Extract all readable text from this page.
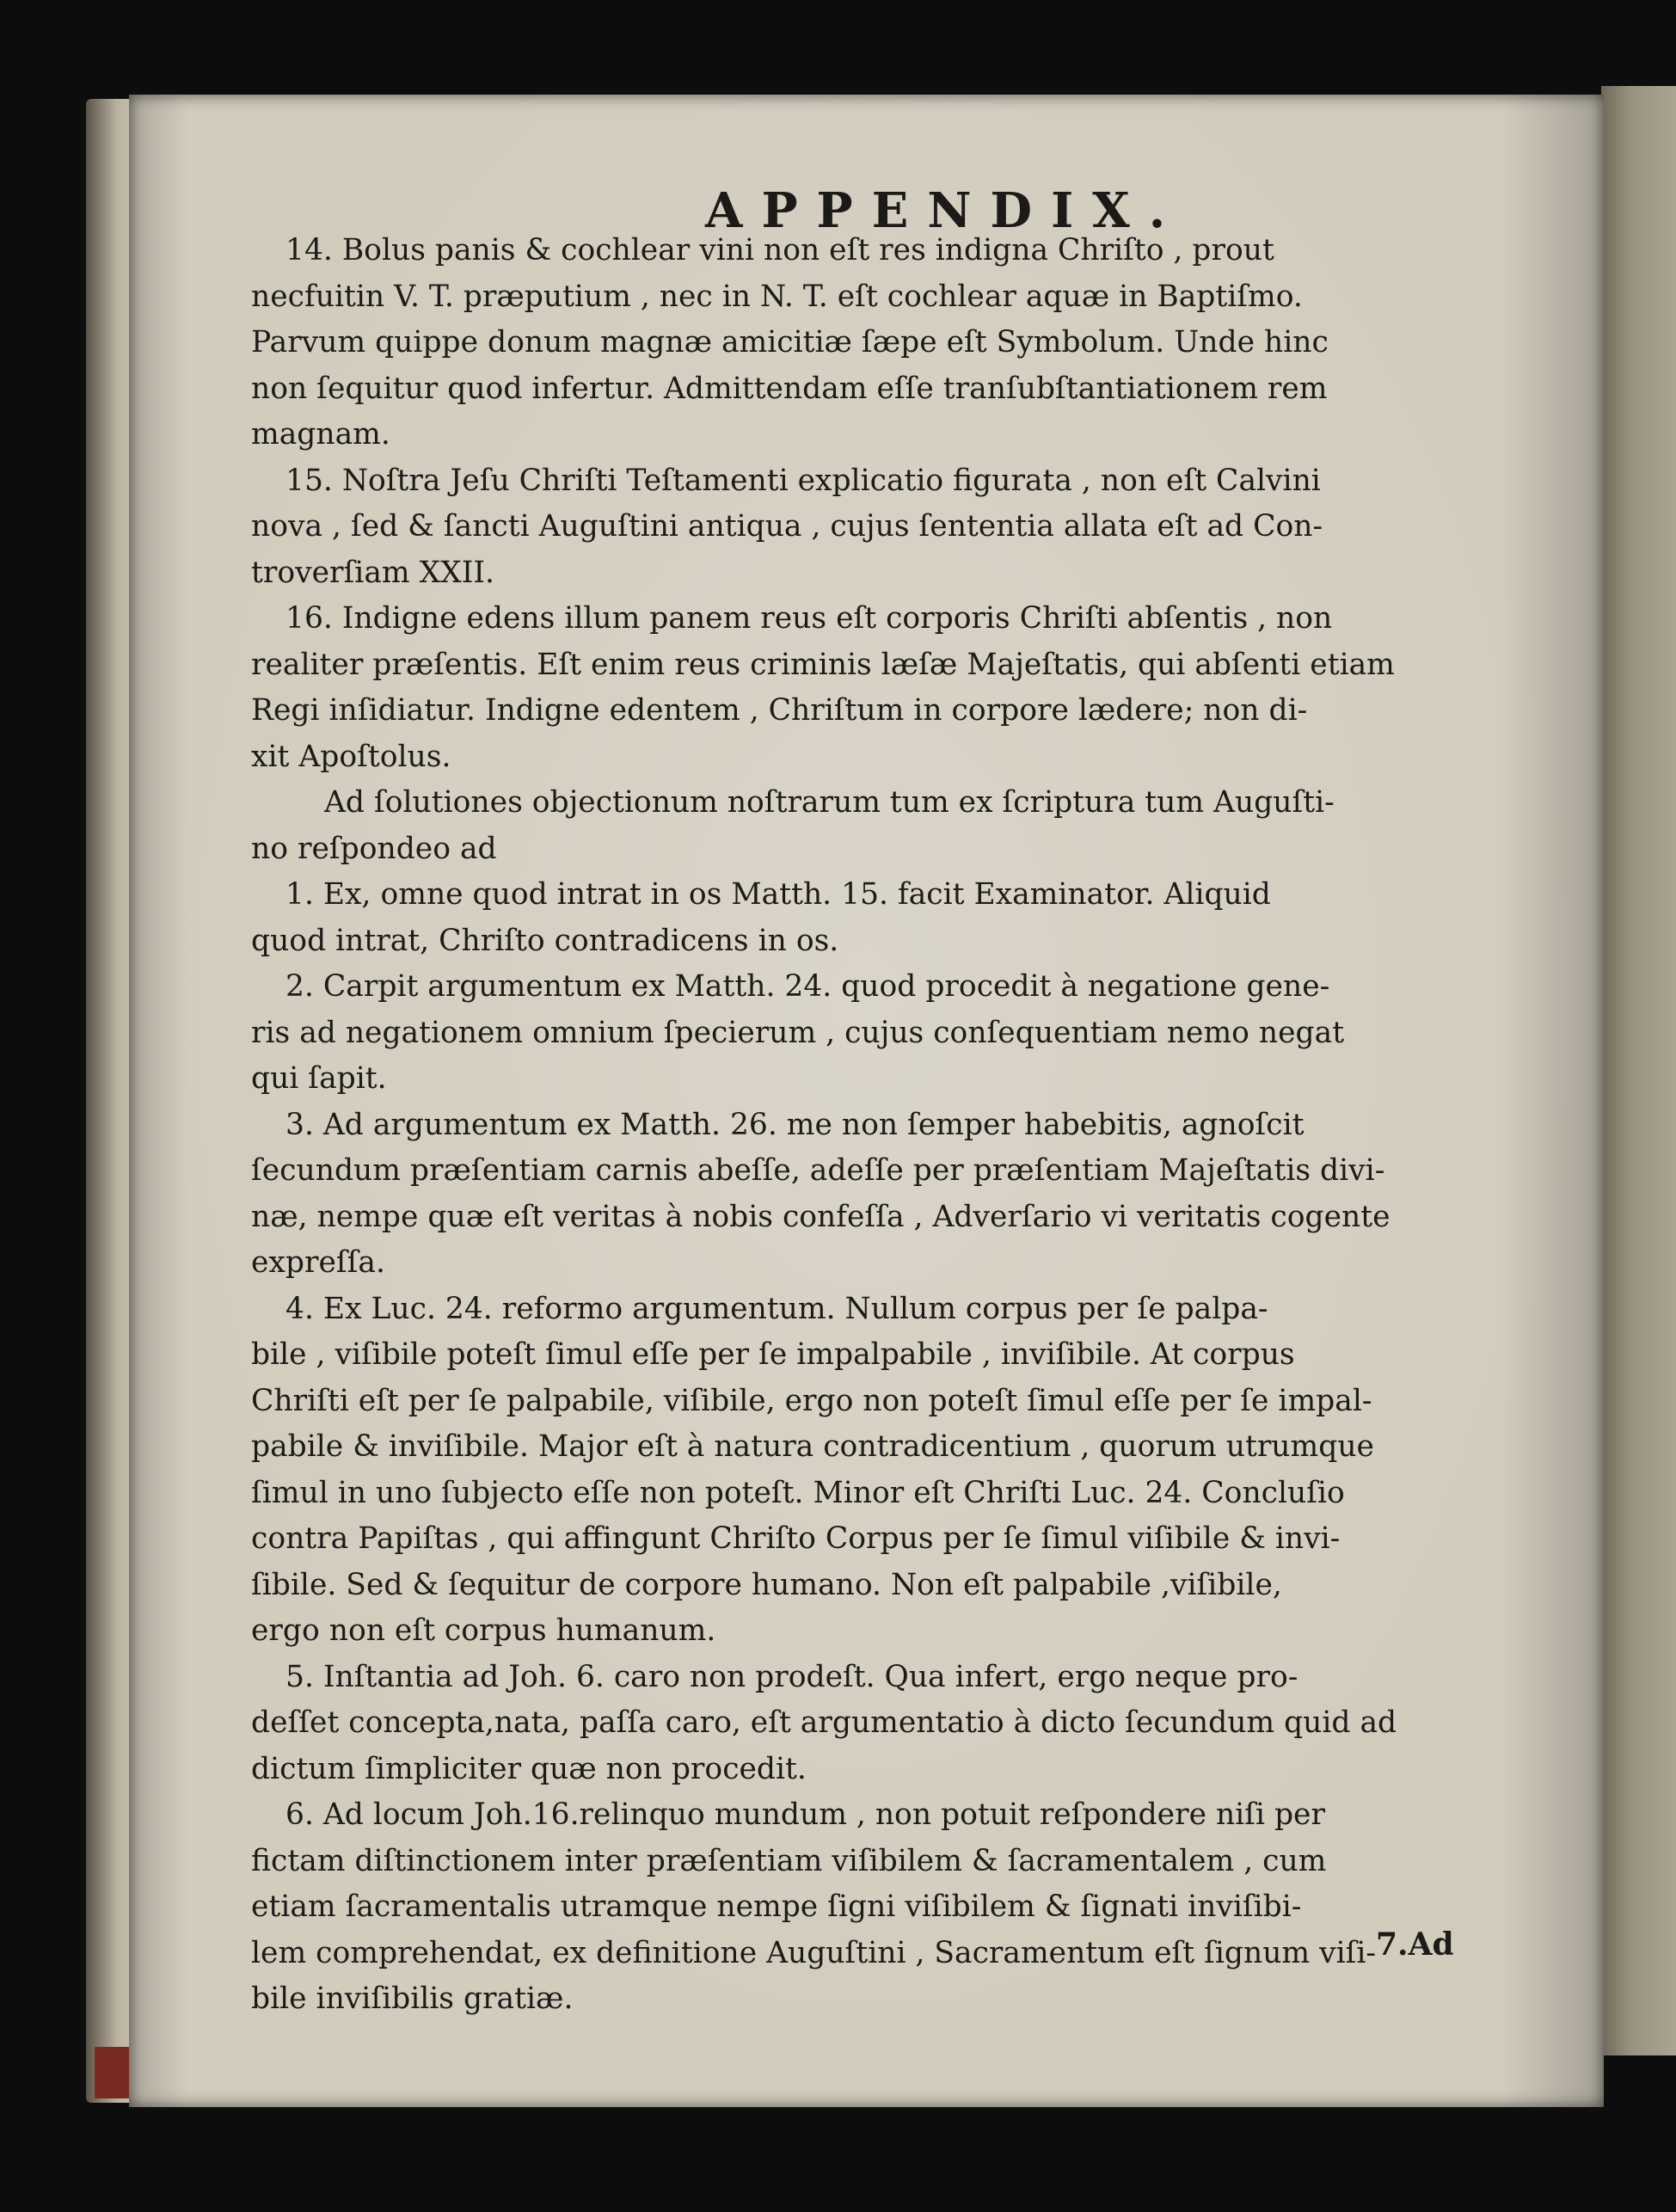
APPENDIX.
14. Bolus panis & cochlear vini non eſt res indigna Chriſto , prout
necfuitin V. T. præputium , nec in N. T. eſt cochlear aquæ in Baptiſmo.
Parvum quippe donum magnæ amicitiæ ſæpe eſt Symbolum. Unde hinc
non ſequitur quod infertur. Admittendam eſſe tranſubſtantiationem rem
magnam.
15. Noſtra Jeſu Chriſti Teſtamenti explicatio figurata , non eſt Calvini
nova , ſed & ſancti Auguſtini antiqua , cujus ſententia allata eſt ad Con-
troverſiam XXII.
16. Indigne edens illum panem reus eſt corporis Chriſti abſentis , non
realiter præſentis. Eſt enim reus criminis læſæ Majeſtatis, qui abſenti etiam
Regi inſidiatur. Indigne edentem , Chriſtum in corpore lædere; non di-
xit Apoſtolus.
Ad ſolutiones objectionum noſtrarum tum ex ſcriptura tum Auguſti-
no reſpondeo ad
1. Ex, omne quod intrat in os Matth. 15. facit Examinator. Aliquid
quod intrat, Chriſto contradicens in os.
2. Carpit argumentum ex Matth. 24. quod procedit à negatione gene-
ris ad negationem omnium ſpecierum , cujus conſequentiam nemo negat
qui ſapit.
3. Ad argumentum ex Matth. 26. me non ſemper habebitis, agnoſcit
ſecundum præſentiam carnis abeſſe, adeſſe per præſentiam Majeſtatis divi-
næ, nempe quæ eſt veritas à nobis confeſſa , Adverſario vi veritatis cogente
expreſſa.
4. Ex Luc. 24. reformo argumentum. Nullum corpus per ſe palpa-
bile , viſibile poteſt ſimul eſſe per ſe impalpabile , inviſibile. At corpus
Chriſti eſt per ſe palpabile, viſibile, ergo non poteſt ſimul eſſe per ſe impal-
pabile & inviſibile. Major eſt à natura contradicentium , quorum utrumque
ſimul in uno ſubjecto eſſe non poteſt. Minor eſt Chriſti Luc. 24. Concluſio
contra Papiſtas , qui affingunt Chriſto Corpus per ſe ſimul viſibile & invi-
ſibile. Sed & ſequitur de corpore humano. Non eſt palpabile ,viſibile,
ergo non eſt corpus humanum.
5. Inſtantia ad Joh. 6. caro non prodeſt. Qua infert, ergo neque pro-
deſſet concepta,nata, paſſa caro, eſt argumentatio à dicto ſecundum quid ad
dictum ſimpliciter quæ non procedit.
6. Ad locum Joh.16.relinquo mundum , non potuit reſpondere niſi per
fictam diſtinctionem inter præſentiam viſibilem & ſacramentalem , cum
etiam ſacramentalis utramque nempe ſigni viſibilem & ſignati inviſibi-
lem comprehendat, ex definitione Auguſtini , Sacramentum eſt ſignum viſi-
bile inviſibilis gratiæ.
7.Ad
